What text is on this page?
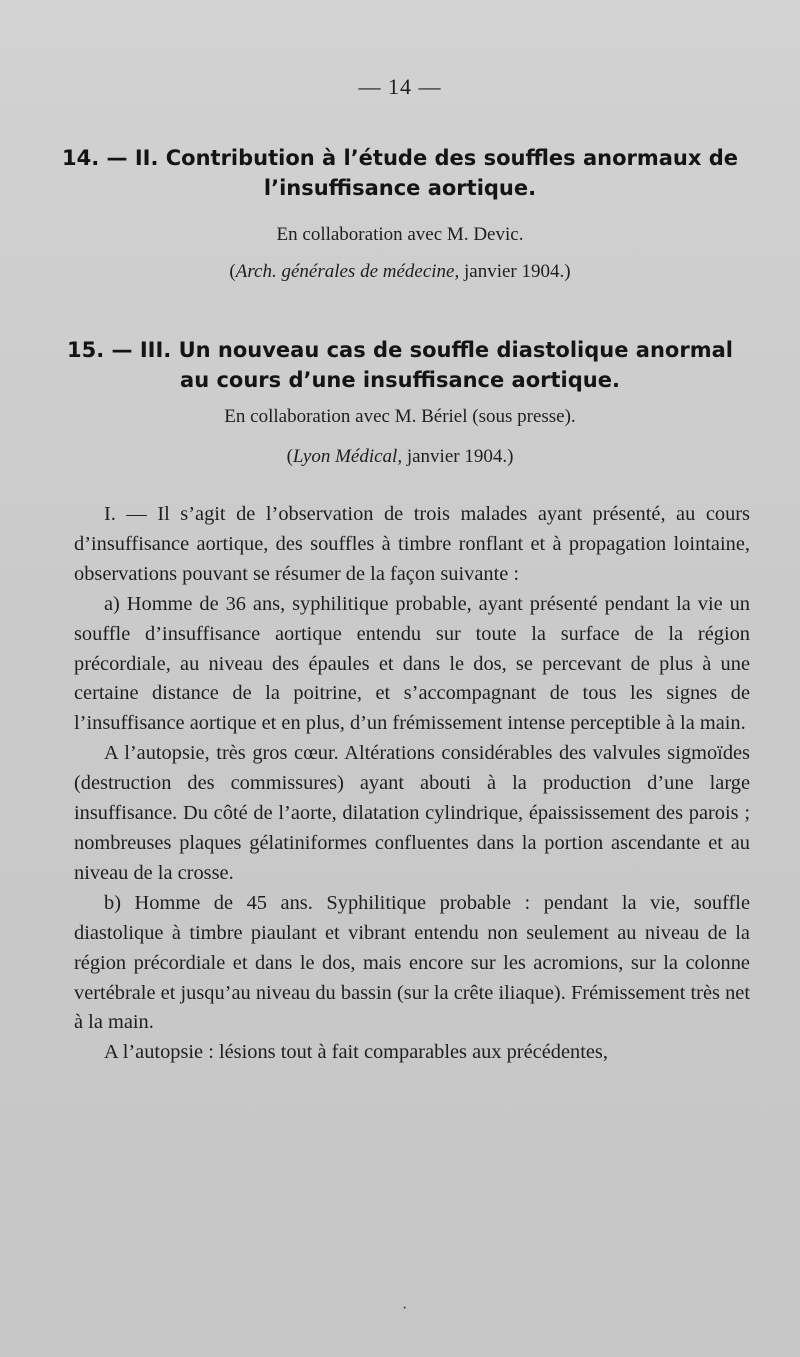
— 14 —
14. — II. Contribution à l’étude des souffles anormaux de l’insuffisance aortique.
En collaboration avec M. Devic.
(Arch. générales de médecine, janvier 1904.)
15. — III. Un nouveau cas de souffle diastolique anormal au cours d’une insuffisance aortique.
En collaboration avec M. Bériel (sous presse).
(Lyon Médical, janvier 1904.)

I. — Il s’agit de l’observation de trois malades ayant présenté, au cours d’insuffisance aortique, des souffles à timbre ronflant et à propagation lointaine, observations pouvant se résumer de la façon suivante :

a) Homme de 36 ans, syphilitique probable, ayant présenté pendant la vie un souffle d’insuffisance aortique entendu sur toute la surface de la région précordiale, au niveau des épaules et dans le dos, se percevant de plus à une certaine distance de la poitrine, et s’accompagnant de tous les signes de l’insuffisance aortique et en plus, d’un frémissement intense perceptible à la main.

A l’autopsie, très gros cœur. Altérations considérables des valvules sigmoïdes (destruction des commissures) ayant abouti à la production d’une large insuffisance. Du côté de l’aorte, dilatation cylindrique, épaississement des parois ; nombreuses plaques gélatiniformes confluentes dans la portion ascendante et au niveau de la crosse.

b) Homme de 45 ans. Syphilitique probable : pendant la vie, souffle diastolique à timbre piaulant et vibrant entendu non seulement au niveau de la région précordiale et dans le dos, mais encore sur les acromions, sur la colonne vertébrale et jusqu’au niveau du bassin (sur la crête iliaque). Frémissement très net à la main.

A l’autopsie : lésions tout à fait comparables aux précédentes,

·
